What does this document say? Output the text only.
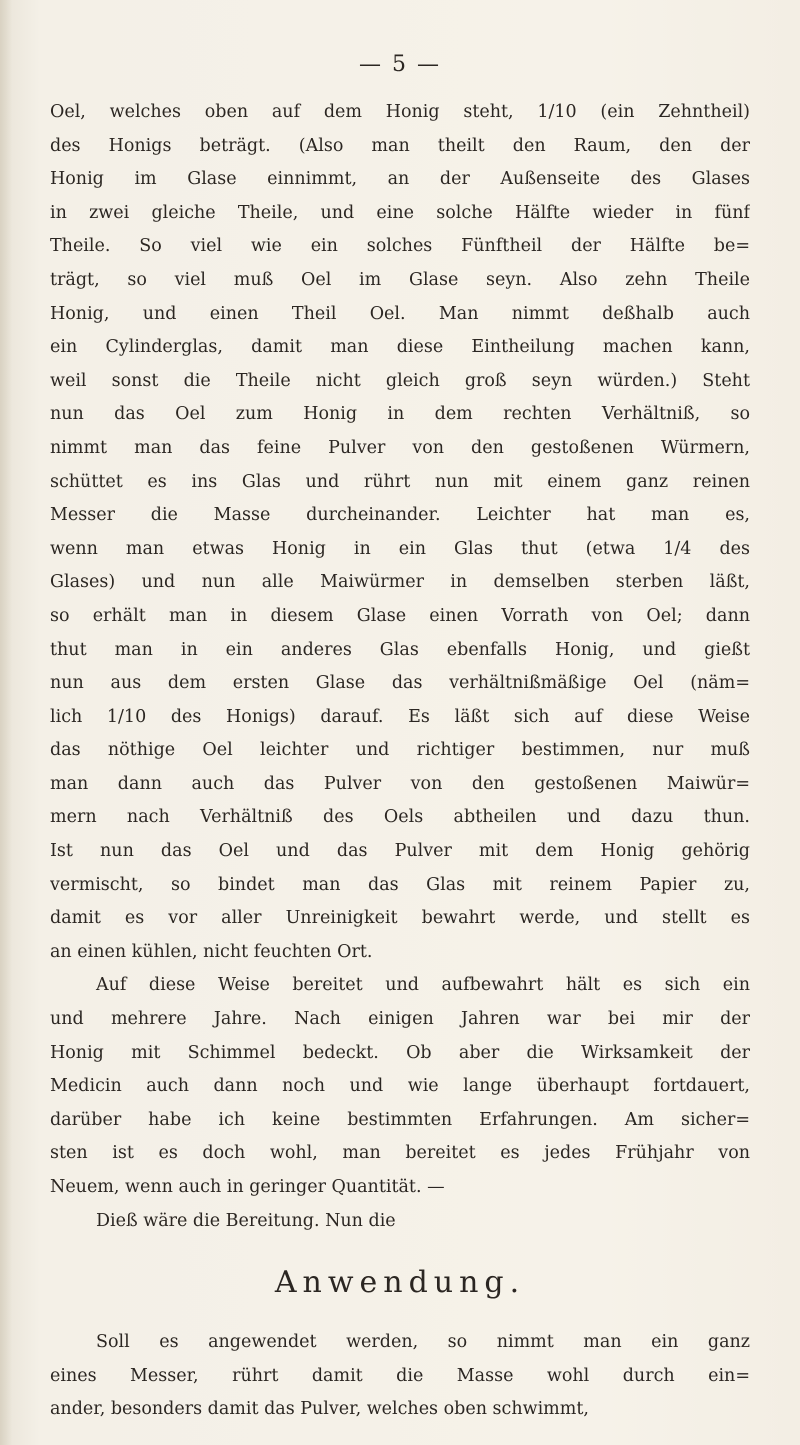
— 5 —
Oel, welches oben auf dem Honig steht, 1/10 (ein Zehntheil)
des Honigs beträgt. (Also man theilt den Raum, den der
Honig im Glase einnimmt, an der Außenseite des Glases
in zwei gleiche Theile, und eine solche Hälfte wieder in fünf
Theile. So viel wie ein solches Fünftheil der Hälfte be=
trägt, so viel muß Oel im Glase seyn. Also zehn Theile
Honig, und einen Theil Oel. Man nimmt deßhalb auch
ein Cylinderglas, damit man diese Eintheilung machen kann,
weil sonst die Theile nicht gleich groß seyn würden.) Steht
nun das Oel zum Honig in dem rechten Verhältniß, so
nimmt man das feine Pulver von den gestoßenen Würmern,
schüttet es ins Glas und rührt nun mit einem ganz reinen
Messer die Masse durcheinander. Leichter hat man es,
wenn man etwas Honig in ein Glas thut (etwa 1/4 des
Glases) und nun alle Maiwürmer in demselben sterben läßt,
so erhält man in diesem Glase einen Vorrath von Oel; dann
thut man in ein anderes Glas ebenfalls Honig, und gießt
nun aus dem ersten Glase das verhältnißmäßige Oel (näm=
lich 1/10 des Honigs) darauf. Es läßt sich auf diese Weise
das nöthige Oel leichter und richtiger bestimmen, nur muß
man dann auch das Pulver von den gestoßenen Maiwür=
mern nach Verhältniß des Oels abtheilen und dazu thun.
Ist nun das Oel und das Pulver mit dem Honig gehörig
vermischt, so bindet man das Glas mit reinem Papier zu,
damit es vor aller Unreinigkeit bewahrt werde, und stellt es
an einen kühlen, nicht feuchten Ort.
Auf diese Weise bereitet und aufbewahrt hält es sich ein
und mehrere Jahre. Nach einigen Jahren war bei mir der
Honig mit Schimmel bedeckt. Ob aber die Wirksamkeit der
Medicin auch dann noch und wie lange überhaupt fortdauert,
darüber habe ich keine bestimmten Erfahrungen. Am sicher=
sten ist es doch wohl, man bereitet es jedes Frühjahr von
Neuem, wenn auch in geringer Quantität. —
Dieß wäre die Bereitung. Nun die
Anwendung.
Soll es angewendet werden, so nimmt man ein ganz
eines Messer, rührt damit die Masse wohl durch ein=
ander, besonders damit das Pulver, welches oben schwimmt,
